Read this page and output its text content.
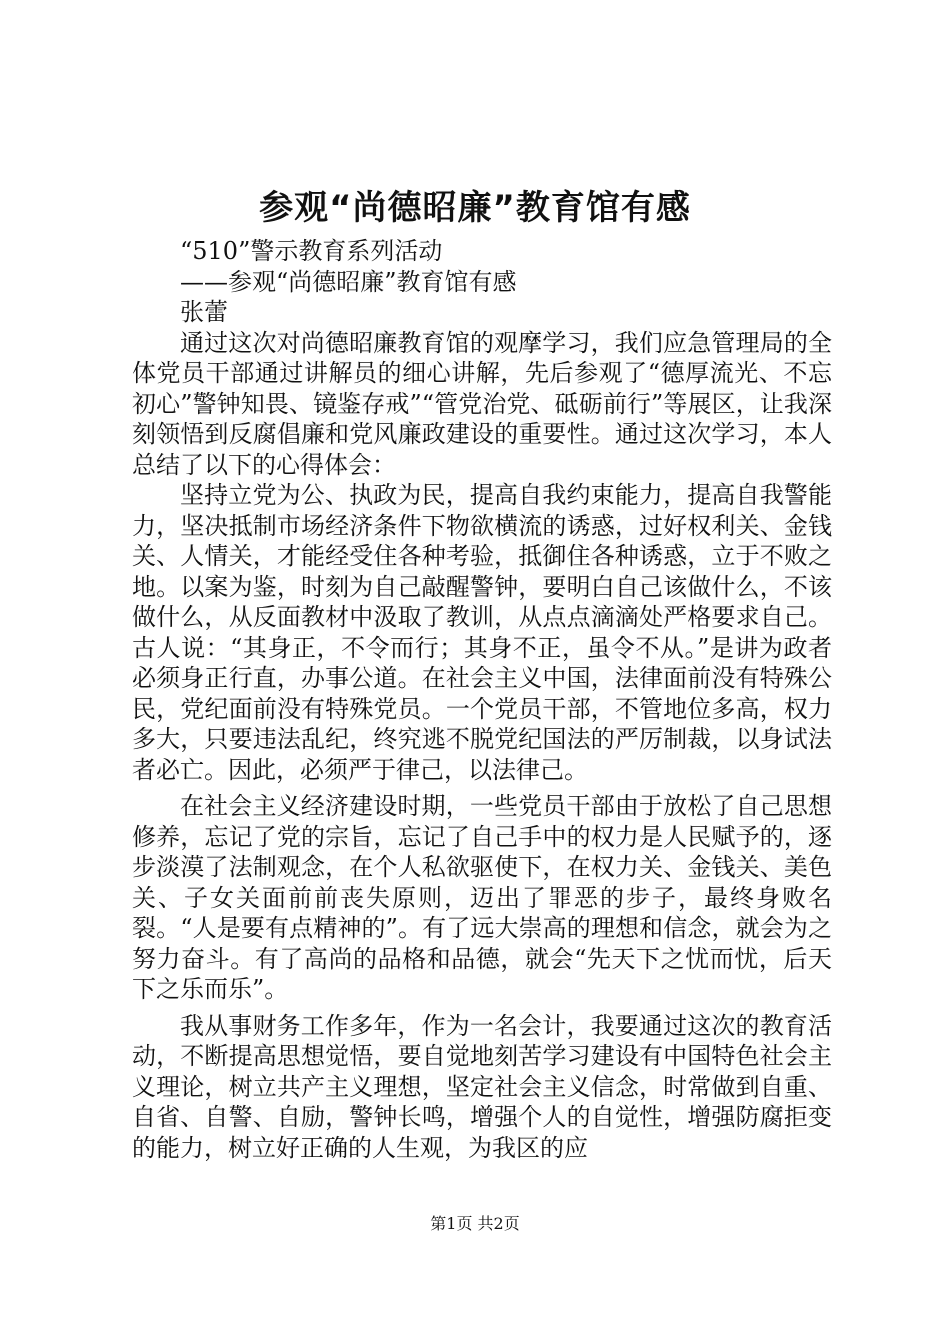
参观“尚德昭廉”教育馆有感

“510”警示教育系列活动

——参观“尚德昭廉”教育馆有感

张蕾

通过这次对尚德昭廉教育馆的观摩学习，我们应急管理局的全体党员干部通过讲解员的细心讲解，先后参观了“德厚流光、不忘初心”警钟知畏、镜鉴存戒”“管党治党、砥砺前行”等展区，让我深刻领悟到反腐倡廉和党风廉政建设的重要性。通过这次学习，本人总结了以下的心得体会：

坚持立党为公、执政为民，提高自我约束能力，提高自我警能力，坚决抵制市场经济条件下物欲横流的诱惑，过好权利关、金钱关、人情关，才能经受住各种考验，抵御住各种诱惑，立于不败之地。以案为鉴，时刻为自己敲醒警钟，要明白自己该做什么，不该做什么，从反面教材中汲取了教训，从点点滴滴处严格要求自己。古人说：“其身正，不令而行；其身不正，虽令不从。”是讲为政者必须身正行直，办事公道。在社会主义中国，法律面前没有特殊公民，党纪面前没有特殊党员。一个党员干部，不管地位多高，权力多大，只要违法乱纪，终究逃不脱党纪国法的严厉制裁，以身试法者必亡。因此，必须严于律己，以法律己。

在社会主义经济建设时期，一些党员干部由于放松了自己思想修养，忘记了党的宗旨，忘记了自己手中的权力是人民赋予的，逐步淡漠了法制观念，在个人私欲驱使下，在权力关、金钱关、美色关、子女关面前前丧失原则，迈出了罪恶的步子，最终身败名裂。“人是要有点精神的”。有了远大崇高的理想和信念，就会为之努力奋斗。有了高尚的品格和品德，就会“先天下之忧而忧，后天下之乐而乐”。

我从事财务工作多年，作为一名会计，我要通过这次的教育活动，不断提高思想觉悟，要自觉地刻苦学习建设有中国特色社会主义理论，树立共产主义理想，坚定社会主义信念，时常做到自重、自省、自警、自励，警钟长鸣，增强个人的自觉性，增强防腐拒变的能力，树立好正确的人生观，为我区的应

第1页 共2页
